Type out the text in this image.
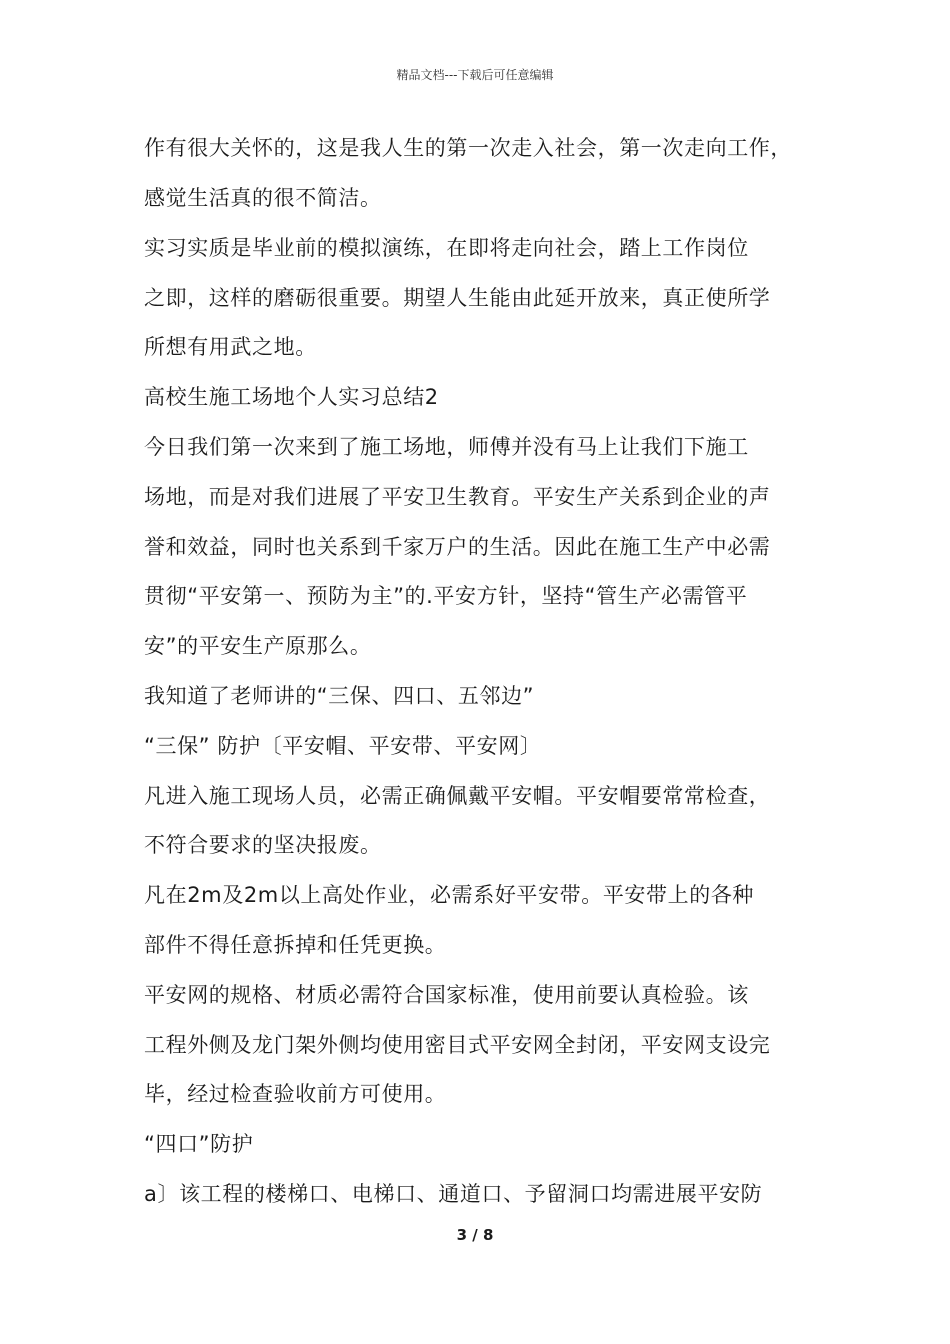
精品文档---下载后可任意编辑
作有很大关怀的，这是我人生的第一次走入社会，第一次走向工作，
感觉生活真的很不简洁。
实习实质是毕业前的模拟演练，在即将走向社会，踏上工作岗位
之即，这样的磨砺很重要。期望人生能由此延开放来，真正使所学
所想有用武之地。
高校生施工场地个人实习总结2
今日我们第一次来到了施工场地，师傅并没有马上让我们下施工
场地，而是对我们进展了平安卫生教育。平安生产关系到企业的声
誉和效益，同时也关系到千家万户的生活。因此在施工生产中必需
贯彻“平安第一、预防为主”的.平安方针，坚持“管生产必需管平
安”的平安生产原那么。
我知道了老师讲的“三保、四口、五邻边”
“三保” 防护〔平安帽、平安带、平安网〕
凡进入施工现场人员，必需正确佩戴平安帽。平安帽要常常检查，
不符合要求的坚决报废。
凡在2m及2m以上高处作业，必需系好平安带。平安带上的各种
部件不得任意拆掉和任凭更换。
平安网的规格、材质必需符合国家标准，使用前要认真检验。该
工程外侧及龙门架外侧均使用密目式平安网全封闭，平安网支设完
毕，经过检查验收前方可使用。
“四口”防护
a〕该工程的楼梯口、电梯口、通道口、予留洞口均需进展平安防
3 / 8
